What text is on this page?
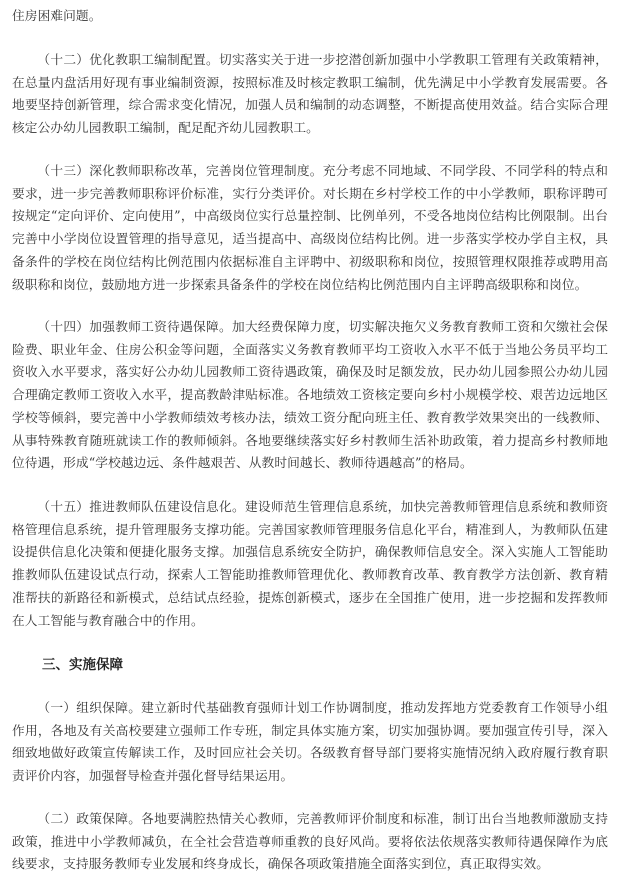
住房困难问题。

（十二）优化教职工编制配置。切实落实关于进一步挖潜创新加强中小学教职工管理有关政策精神，在总量内盘活用好现有事业编制资源，按照标准及时核定教职工编制，优先满足中小学教育发展需要。各地要坚持创新管理，综合需求变化情况，加强人员和编制的动态调整，不断提高使用效益。结合实际合理核定公办幼儿园教职工编制，配足配齐幼儿园教职工。

（十三）深化教师职称改革，完善岗位管理制度。充分考虑不同地域、不同学段、不同学科的特点和要求，进一步完善教师职称评价标准，实行分类评价。对长期在乡村学校工作的中小学教师，职称评聘可按规定“定向评价、定向使用”，中高级岗位实行总量控制、比例单列，不受各地岗位结构比例限制。出台完善中小学岗位设置管理的指导意见，适当提高中、高级岗位结构比例。进一步落实学校办学自主权，具备条件的学校在岗位结构比例范围内依据标准自主评聘中、初级职称和岗位，按照管理权限推荐或聘用高级职称和岗位，鼓励地方进一步探索具备条件的学校在岗位结构比例范围内自主评聘高级职称和岗位。

（十四）加强教师工资待遇保障。加大经费保障力度，切实解决拖欠义务教育教师工资和欠缴社会保险费、职业年金、住房公积金等问题，全面落实义务教育教师平均工资收入水平不低于当地公务员平均工资收入水平要求，落实好公办幼儿园教师工资待遇政策，确保及时足额发放，民办幼儿园参照公办幼儿园合理确定教师工资收入水平，提高教龄津贴标准。各地绩效工资核定要向乡村小规模学校、艰苦边远地区学校等倾斜，要完善中小学教师绩效考核办法，绩效工资分配向班主任、教育教学效果突出的一线教师、从事特殊教育随班就读工作的教师倾斜。各地要继续落实好乡村教师生活补助政策，着力提高乡村教师地位待遇，形成“学校越边远、条件越艰苦、从教时间越长、教师待遇越高”的格局。

（十五）推进教师队伍建设信息化。建设师范生管理信息系统，加快完善教师管理信息系统和教师资格管理信息系统，提升管理服务支撑功能。完善国家教师管理服务信息化平台，精准到人，为教师队伍建设提供信息化决策和便捷化服务支撑。加强信息系统安全防护，确保教师信息安全。深入实施人工智能助推教师队伍建设试点行动，探索人工智能助推教师管理优化、教师教育改革、教育教学方法创新、教育精准帮扶的新路径和新模式，总结试点经验，提炼创新模式，逐步在全国推广使用，进一步挖掘和发挥教师在人工智能与教育融合中的作用。

三、实施保障

（一）组织保障。建立新时代基础教育强师计划工作协调制度，推动发挥地方党委教育工作领导小组作用，各地及有关高校要建立强师工作专班，制定具体实施方案，切实加强协调。要加强宣传引导，深入细致地做好政策宣传解读工作，及时回应社会关切。各级教育督导部门要将实施情况纳入政府履行教育职责评价内容，加强督导检查并强化督导结果运用。

（二）政策保障。各地要满腔热情关心教师，完善教师评价制度和标准，制订出台当地教师激励支持政策，推进中小学教师减负，在全社会营造尊师重教的良好风尚。要将依法依规落实教师待遇保障作为底线要求，支持服务教师专业发展和终身成长，确保各项政策措施全面落实到位，真正取得实效。
